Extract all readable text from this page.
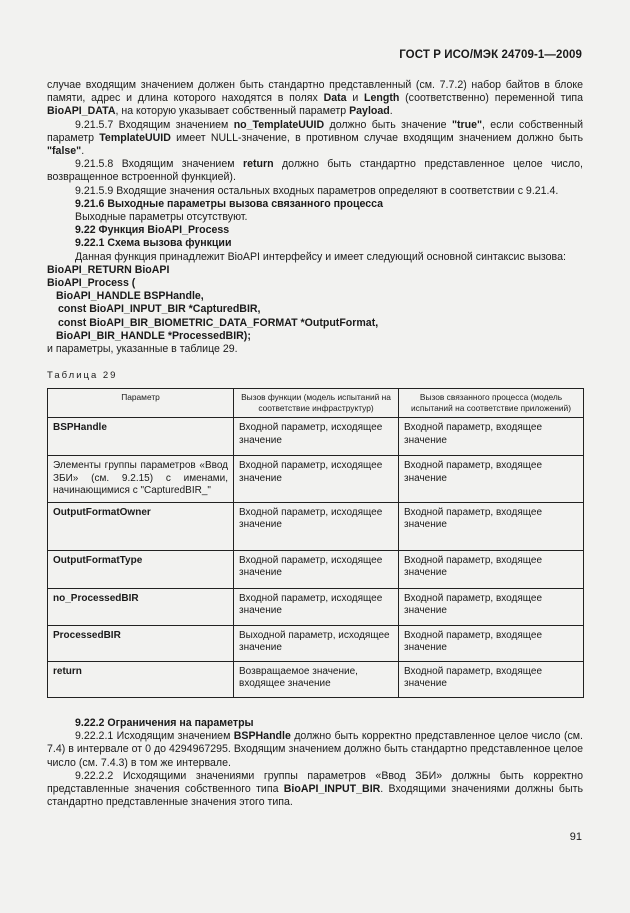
ГОСТ Р ИСО/МЭК 24709-1—2009

случае входящим значением должен быть стандартно представленный (см. 7.7.2) набор байтов в блоке памяти, адрес и длина которого находятся в полях Data и Length (соответственно) переменной типа BioAPI_DATA, на которую указывает собственный параметр Payload.

9.21.5.7 Входящим значением no_TemplateUUID должно быть значение "true", если собственный параметр TemplateUUID имеет NULL-значение, в противном случае входящим значением должно быть "false".

9.21.5.8 Входящим значением return должно быть стандартно представленное целое число, возвращенное встроенной функцией).

9.21.5.9 Входящие значения остальных входных параметров определяют в соответствии с 9.21.4.

9.21.6 Выходные параметры вызова связанного процесса

Выходные параметры отсутствуют.

9.22 Функция BioAPI_Process

9.22.1 Схема вызова функции

Данная функция принадлежит BioAPI интерфейсу и имеет следующий основной синтаксис вызова:

BioAPI_RETURN BioAPI

BioAPI_Process (

BioAPI_HANDLE BSPHandle,

const BioAPI_INPUT_BIR *CapturedBIR,

const BioAPI_BIR_BIOMETRIC_DATA_FORMAT *OutputFormat,

BioAPI_BIR_HANDLE *ProcessedBIR);

и параметры, указанные в таблице 29.

Таблица 29
Параметр	Вызов функции (модель испытаний на соответствие инфраструктур)	Вызов связанного процесса (модель испытаний на соответствие приложений)
BSPHandle	Входной параметр, исходящее значение	Входной параметр, входящее значение
Элементы группы параметров «Ввод ЗБИ» (см. 9.2.15) с именами, начинающимися с "CapturedBIR_"	Входной параметр, исходящее значение	Входной параметр, входящее значение
OutputFormatOwner	Входной параметр, исходящее значение	Входной параметр, входящее значение
OutputFormatType	Входной параметр, исходящее значение	Входной параметр, входящее значение
no_ProcessedBIR	Входной параметр, исходящее значение	Входной параметр, входящее значение
ProcessedBIR	Выходной параметр, исходящее значение	Входной параметр, входящее значение
return	Возвращаемое значение, входящее значение	Входной параметр, входящее значение

9.22.2 Ограничения на параметры

9.22.2.1 Исходящим значением BSPHandle должно быть корректно представленное целое число (см. 7.4) в интервале от 0 до 4294967295. Входящим значением должно быть стандартно представленное целое число (см. 7.4.3) в том же интервале.

9.22.2.2 Исходящими значениями группы параметров «Ввод ЗБИ» должны быть корректно представленные значения собственного типа BioAPI_INPUT_BIR. Входящими значениями должны быть стандартно представленные значения этого типа.

91
